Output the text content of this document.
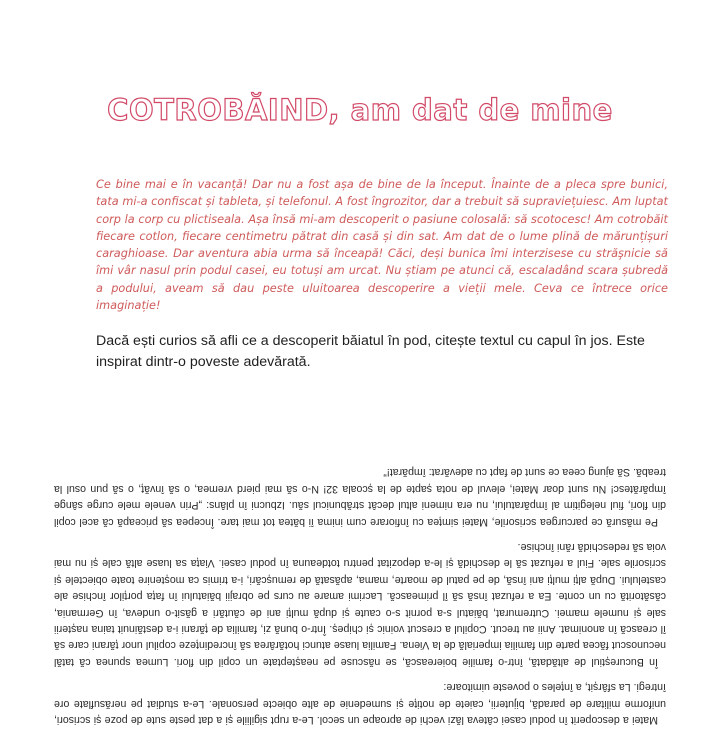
COTROBĂIND, am dat de mine

Ce bine mai e în vacanță! Dar nu a fost așa de bine de la început. Înainte de a pleca spre bunici, tata mi-a confiscat și tableta, și telefonul. A fost îngrozitor, dar a trebuit să supraviețuiesc. Am luptat corp la corp cu plictiseala. Așa însă mi-am descoperit o pasiune colosală: să scotocesc! Am cotrobăit fiecare cotlon, fiecare centimetru pătrat din casă și din sat. Am dat de o lume plină de mărunțișuri caraghioase. Dar aventura abia urma să înceapă! Căci, deși bunica îmi interzisese cu străşnicie să îmi vâr nasul prin podul casei, eu totuși am urcat. Nu știam pe atunci că, escaladând scara șubredă a podului, aveam să dau peste uluitoarea descoperire a vieții mele. Ceva ce întrece orice imaginație!

Dacă ești curios să afli ce a descoperit băiatul în pod, citește textul cu capul în jos. Este inspirat dintr-o poveste adevărată.

Matei a descoperit în podul casei câteva lăzi vechi de aproape un secol. Le-a rupt sigiliile și a dat peste sute de poze și scrisori, uniforme militare de paradă, bijuterii, caiete de notițe și sumedenie de alte obiecte personale. Le-a studiat pe nerăsuflate ore întregi. La sfârșit, a înțeles o poveste uimitoare:

În Bucureștiul de altădată, într-o familie boierească, se născuse pe neașteptate un copil din flori. Lumea spunea că tatăl necunoscut făcea parte din familia imperială de la Viena. Familia luase atunci hotărârea să încredințeze copilul unor țărani care să îl crească în anonimat. Anii au trecut. Copilul a crescut voinic și chipeș. Într-o bună zi, familia de țărani i-a destăinuit taina nașterii sale și numele mamei. Cutremurat, băiatul s-a pornit s-o caute și după mulți ani de căutări a găsit-o undeva, în Germania, căsătorită cu un conte. Ea a refuzat însă să îl primească. Lacrimi amare au curs pe obrajii băiatului în fața porților închise ale castelului. După alți mulți ani însă, de pe patul de moarte, mama, apăsată de remușcări, i-a trimis ca moștenire toate obiectele și scrisorile sale. Fiul a refuzat să le deschidă și le-a depozitat pentru totdeauna în podul casei. Viața sa luase altă cale și nu mai voia să redeschidă răni închise.

Pe măsură ce parcurgea scrisorile, Matei simțea cu înfiorare cum inima îi bătea tot mai tare. Începea să priceapă că acel copil din flori, fiul nelegitim al împăratului, nu era nimeni altul decât străbunicul său. Izbucni în plâns: „Prin venele mele curge sânge împărătesc! Nu sunt doar Matei, elevul de nota șapte de la școala 32! N-o să mai pierd vremea, o să învăț, o să pun osul la treabă. Să ajung ceea ce sunt de fapt cu adevărat: împărat!”
